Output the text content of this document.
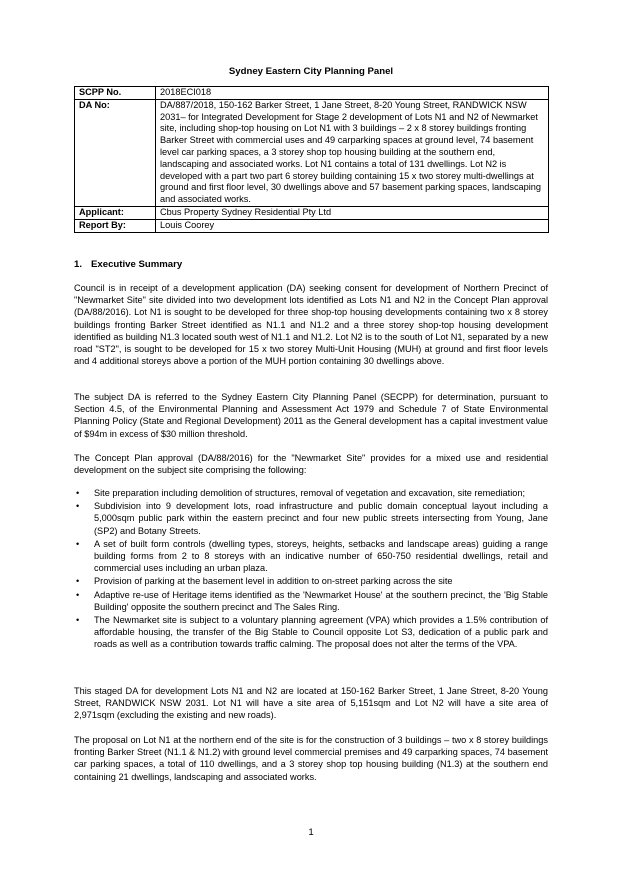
Sydney Eastern City Planning Panel
SCPP No.	2018ECI018
DA No:	DA/887/2018, 150-162 Barker Street, 1 Jane Street, 8-20 Young Street, RANDWICK NSW 2031– for Integrated Development for Stage 2 development of Lots N1 and N2 of Newmarket site, including shop-top housing on Lot N1 with 3 buildings – 2 x 8 storey buildings fronting Barker Street with commercial uses and 49 carparking spaces at ground level, 74 basement level car parking spaces, a 3 storey shop top housing building at the southern end, landscaping and associated works. Lot N1 contains a total of 131 dwellings. Lot N2 is developed with a part two part 6 storey building containing 15 x two storey multi-dwellings at ground and first floor level, 30 dwellings above and 57 basement parking spaces, landscaping and associated works.
Applicant:	Cbus Property Sydney Residential Pty Ltd
Report By:	Louis Coorey
1. Executive Summary

Council is in receipt of a development application (DA) seeking consent for development of Northern Precinct of "Newmarket Site" site divided into two development lots identified as Lots N1 and N2 in the Concept Plan approval (DA/88/2016). Lot N1 is sought to be developed for three shop-top housing developments containing two x 8 storey buildings fronting Barker Street identified as N1.1 and N1.2 and a three storey shop-top housing development identified as building N1.3 located south west of N1.1 and N1.2. Lot N2 is to the south of Lot N1, separated by a new road "ST2", is sought to be developed for 15 x two storey Multi-Unit Housing (MUH) at ground and first floor levels and 4 additional storeys above a portion of the MUH portion containing 30 dwellings above.

The subject DA is referred to the Sydney Eastern City Planning Panel (SECPP) for determination, pursuant to Section 4.5, of the Environmental Planning and Assessment Act 1979 and Schedule 7 of State Environmental Planning Policy (State and Regional Development) 2011 as the General development has a capital investment value of $94m in excess of $30 million threshold.

The Concept Plan approval (DA/88/2016) for the "Newmarket Site" provides for a mixed use and residential development on the subject site comprising the following:

• Site preparation including demolition of structures, removal of vegetation and excavation, site remediation;
• Subdivision into 9 development lots, road infrastructure and public domain conceptual layout including a 5,000sqm public park within the eastern precinct and four new public streets intersecting from Young, Jane (SP2) and Botany Streets.
• A set of built form controls (dwelling types, storeys, heights, setbacks and landscape areas) guiding a range building forms from 2 to 8 storeys with an indicative number of 650-750 residential dwellings, retail and commercial uses including an urban plaza.
• Provision of parking at the basement level in addition to on-street parking across the site
• Adaptive re-use of Heritage items identified as the 'Newmarket House' at the southern precinct, the 'Big Stable Building' opposite the southern precinct and The Sales Ring.
• The Newmarket site is subject to a voluntary planning agreement (VPA) which provides a 1.5% contribution of affordable housing, the transfer of the Big Stable to Council opposite Lot S3, dedication of a public park and roads as well as a contribution towards traffic calming. The proposal does not alter the terms of the VPA.

This staged DA for development Lots N1 and N2 are located at 150-162 Barker Street, 1 Jane Street, 8-20 Young Street, RANDWICK NSW 2031. Lot N1 will have a site area of 5,151sqm and Lot N2 will have a site area of 2,971sqm (excluding the existing and new roads).

The proposal on Lot N1 at the northern end of the site is for the construction of 3 buildings – two x 8 storey buildings fronting Barker Street (N1.1 & N1.2) with ground level commercial premises and 49 carparking spaces, 74 basement car parking spaces, a total of 110 dwellings, and a 3 storey shop top housing building (N1.3) at the southern end containing 21 dwellings, landscaping and associated works.

1
